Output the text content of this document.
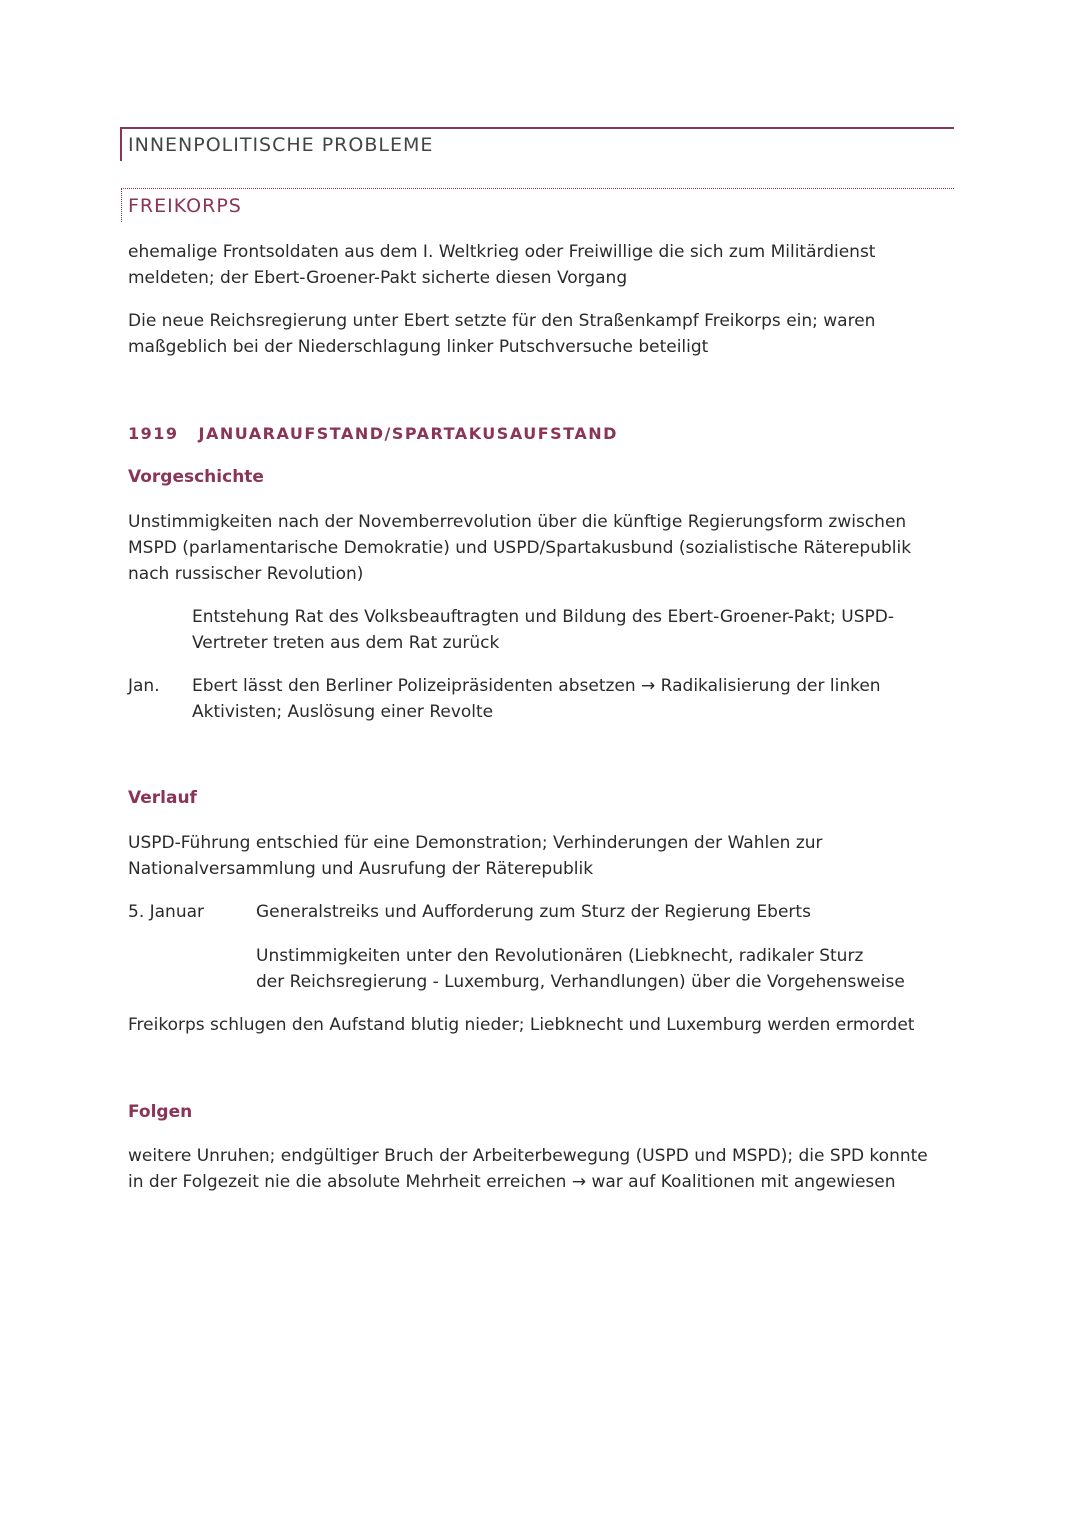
INNENPOLITISCHE PROBLEME
FREIKORPS
ehemalige Frontsoldaten aus dem I. Weltkrieg oder Freiwillige die sich zum Militärdienst
meldeten; der Ebert-Groener-Pakt sicherte diesen Vorgang
Die neue Reichsregierung unter Ebert setzte für den Straßenkampf Freikorps ein; waren
maßgeblich bei der Niederschlagung linker Putschversuche beteiligt
1919 JANUARAUFSTAND/SPARTAKUSAUFSTAND
Vorgeschichte
Unstimmigkeiten nach der Novemberrevolution über die künftige Regierungsform zwischen
MSPD (parlamentarische Demokratie) und USPD/Spartakusbund (sozialistische Räterepublik
nach russischer Revolution)
Entstehung Rat des Volksbeauftragten und Bildung des Ebert-Groener-Pakt; USPD-
Vertreter treten aus dem Rat zurück
Jan. Ebert lässt den Berliner Polizeipräsidenten absetzen → Radikalisierung der linken
Aktivisten; Auslösung einer Revolte
Verlauf
USPD-Führung entschied für eine Demonstration; Verhinderungen der Wahlen zur
Nationalversammlung und Ausrufung der Räterepublik
5. Januar	Generalstreiks und Aufforderung zum Sturz der Regierung Eberts
Unstimmigkeiten unter den Revolutionären (Liebknecht, radikaler Sturz
der Reichsregierung - Luxemburg, Verhandlungen) über die Vorgehensweise
Freikorps schlugen den Aufstand blutig nieder; Liebknecht und Luxemburg werden ermordet
Folgen
weitere Unruhen; endgültiger Bruch der Arbeiterbewegung (USPD und MSPD); die SPD konnte
in der Folgezeit nie die absolute Mehrheit erreichen → war auf Koalitionen mit angewiesen
